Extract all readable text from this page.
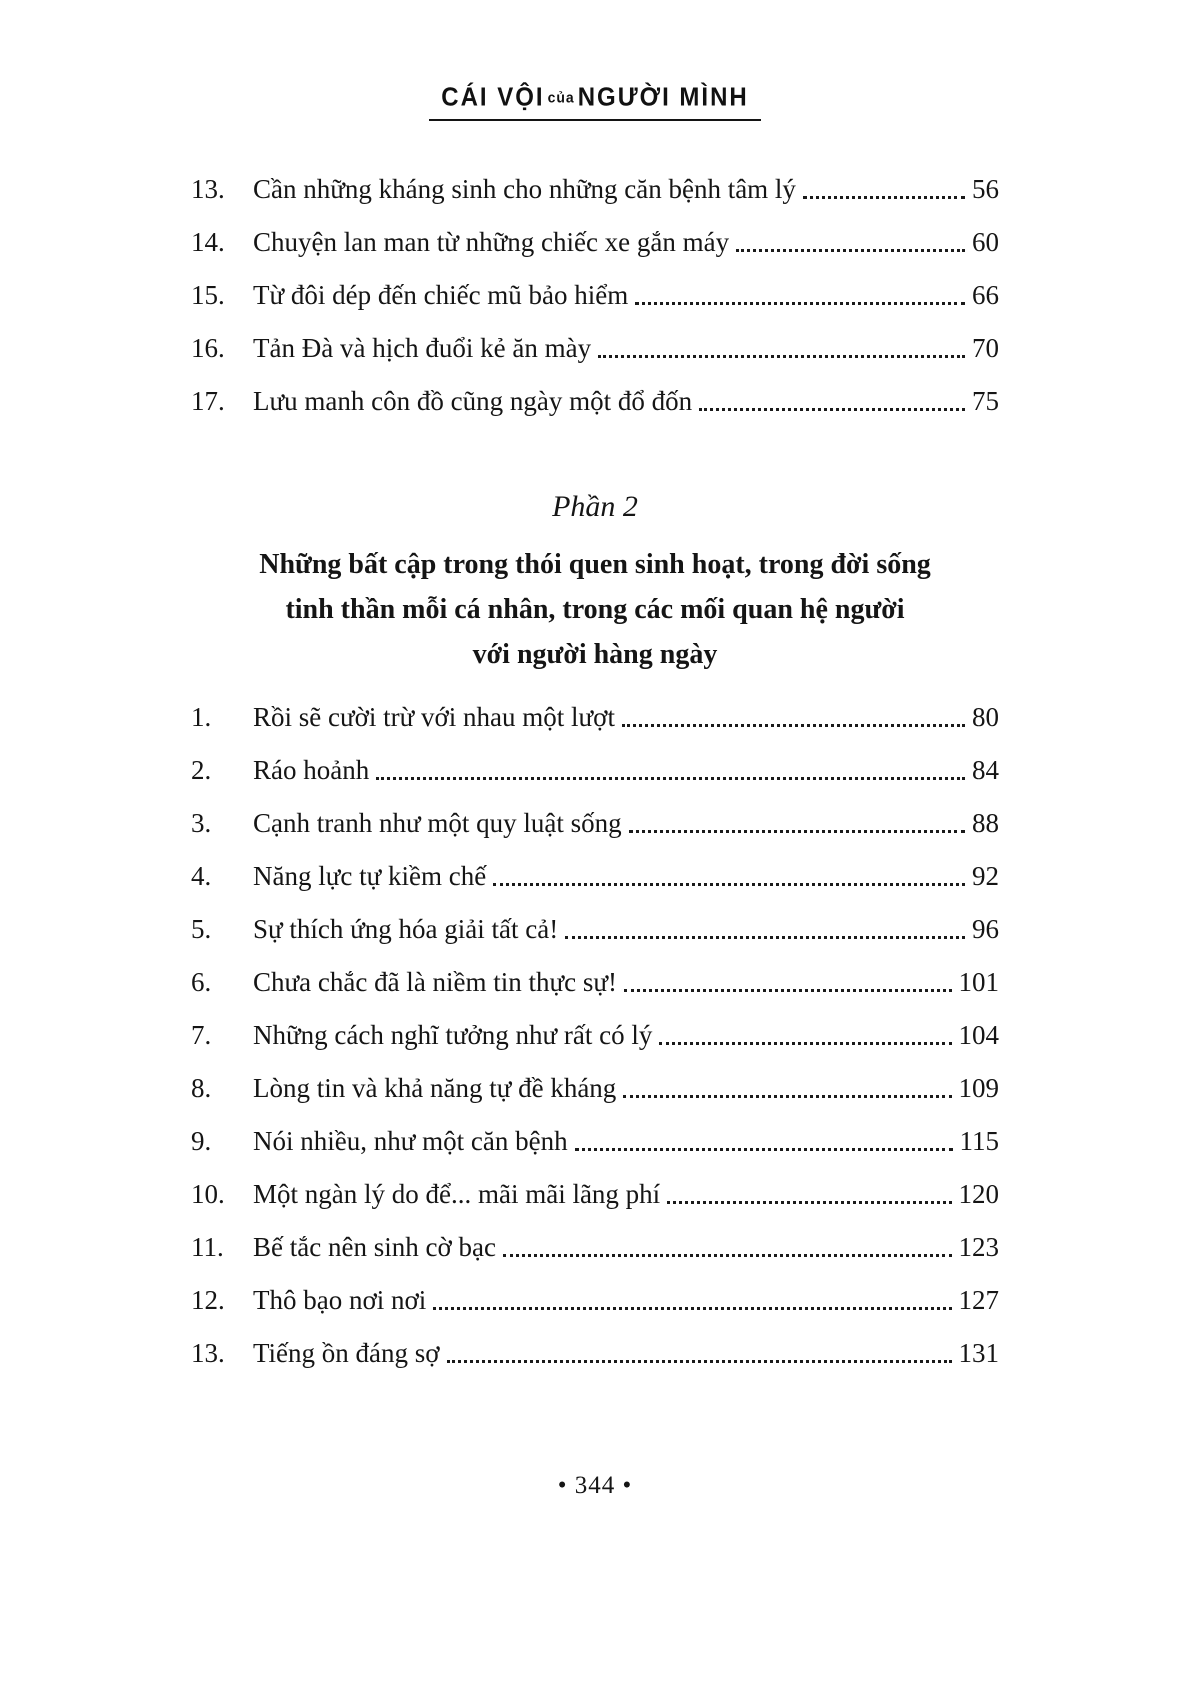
CÁI VỘI của NGƯỜI MÌNH
13.	Cần những kháng sinh cho những căn bệnh tâm lý	56
14.	Chuyện lan man từ những chiếc xe gắn máy	60
15.	Từ đôi dép đến chiếc mũ bảo hiểm	66
16.	Tản Đà và hịch đuổi kẻ ăn mày	70
17.	Lưu manh côn đồ cũng ngày một đổ đốn	75
Phần 2
Những bất cập trong thói quen sinh hoạt, trong đời sống
tinh thần mỗi cá nhân, trong các mối quan hệ người
với người hàng ngày
1.	Rồi sẽ cười trừ với nhau một lượt	80
2.	Ráo hoảnh	84
3.	Cạnh tranh như một quy luật sống	88
4.	Năng lực tự kiềm chế	92
5.	Sự thích ứng hóa giải tất cả!	96
6.	Chưa chắc đã là niềm tin thực sự!	101
7.	Những cách nghĩ tưởng như rất có lý	104
8.	Lòng tin và khả năng tự đề kháng	109
9.	Nói nhiều, như một căn bệnh	115
10.	Một ngàn lý do để... mãi mãi lãng phí	120
11.	Bế tắc nên sinh cờ bạc	123
12.	Thô bạo nơi nơi	127
13.	Tiếng ồn đáng sợ	131
• 344 •
